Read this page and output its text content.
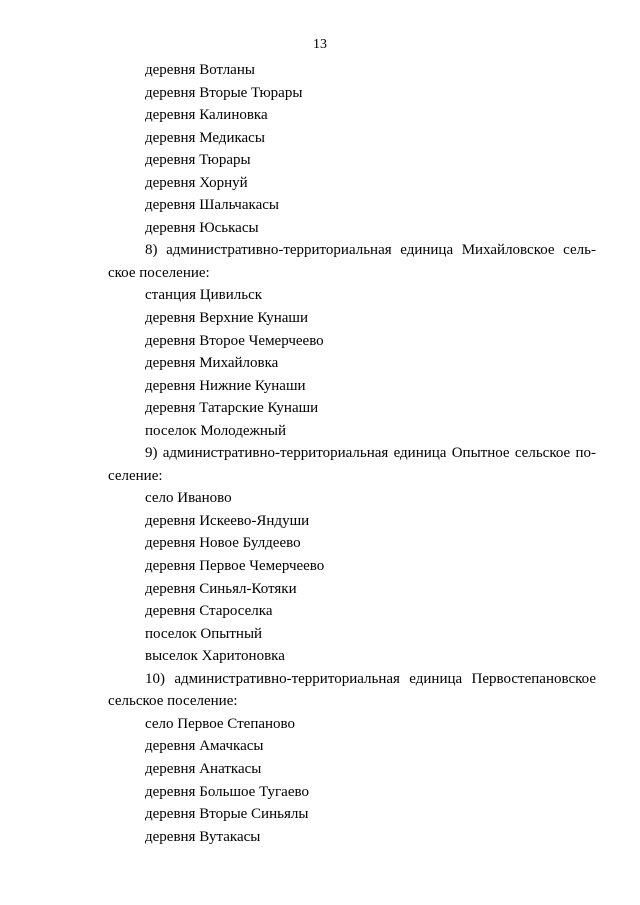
13
деревня Вотланы
деревня Вторые Тюрары
деревня Калиновка
деревня Медикасы
деревня Тюрары
деревня Хорнуй
деревня Шальчакасы
деревня Юськасы
8) административно-территориальная единица Михайловское сель-
ское поселение:
станция Цивильск
деревня Верхние Кунаши
деревня Второе Чемерчеево
деревня Михайловка
деревня Нижние Кунаши
деревня Татарские Кунаши
поселок Молодежный
9) административно-территориальная единица Опытное сельское по-
селение:
село Иваново
деревня Искеево-Яндуши
деревня Новое Булдеево
деревня Первое Чемерчеево
деревня Синьял-Котяки
деревня Староселка
поселок Опытный
выселок Харитоновка
10) административно-территориальная единица Первостепановское
сельское поселение:
село Первое Степаново
деревня Амачкасы
деревня Анаткасы
деревня Большое Тугаево
деревня Вторые Синьялы
деревня Вутакасы
